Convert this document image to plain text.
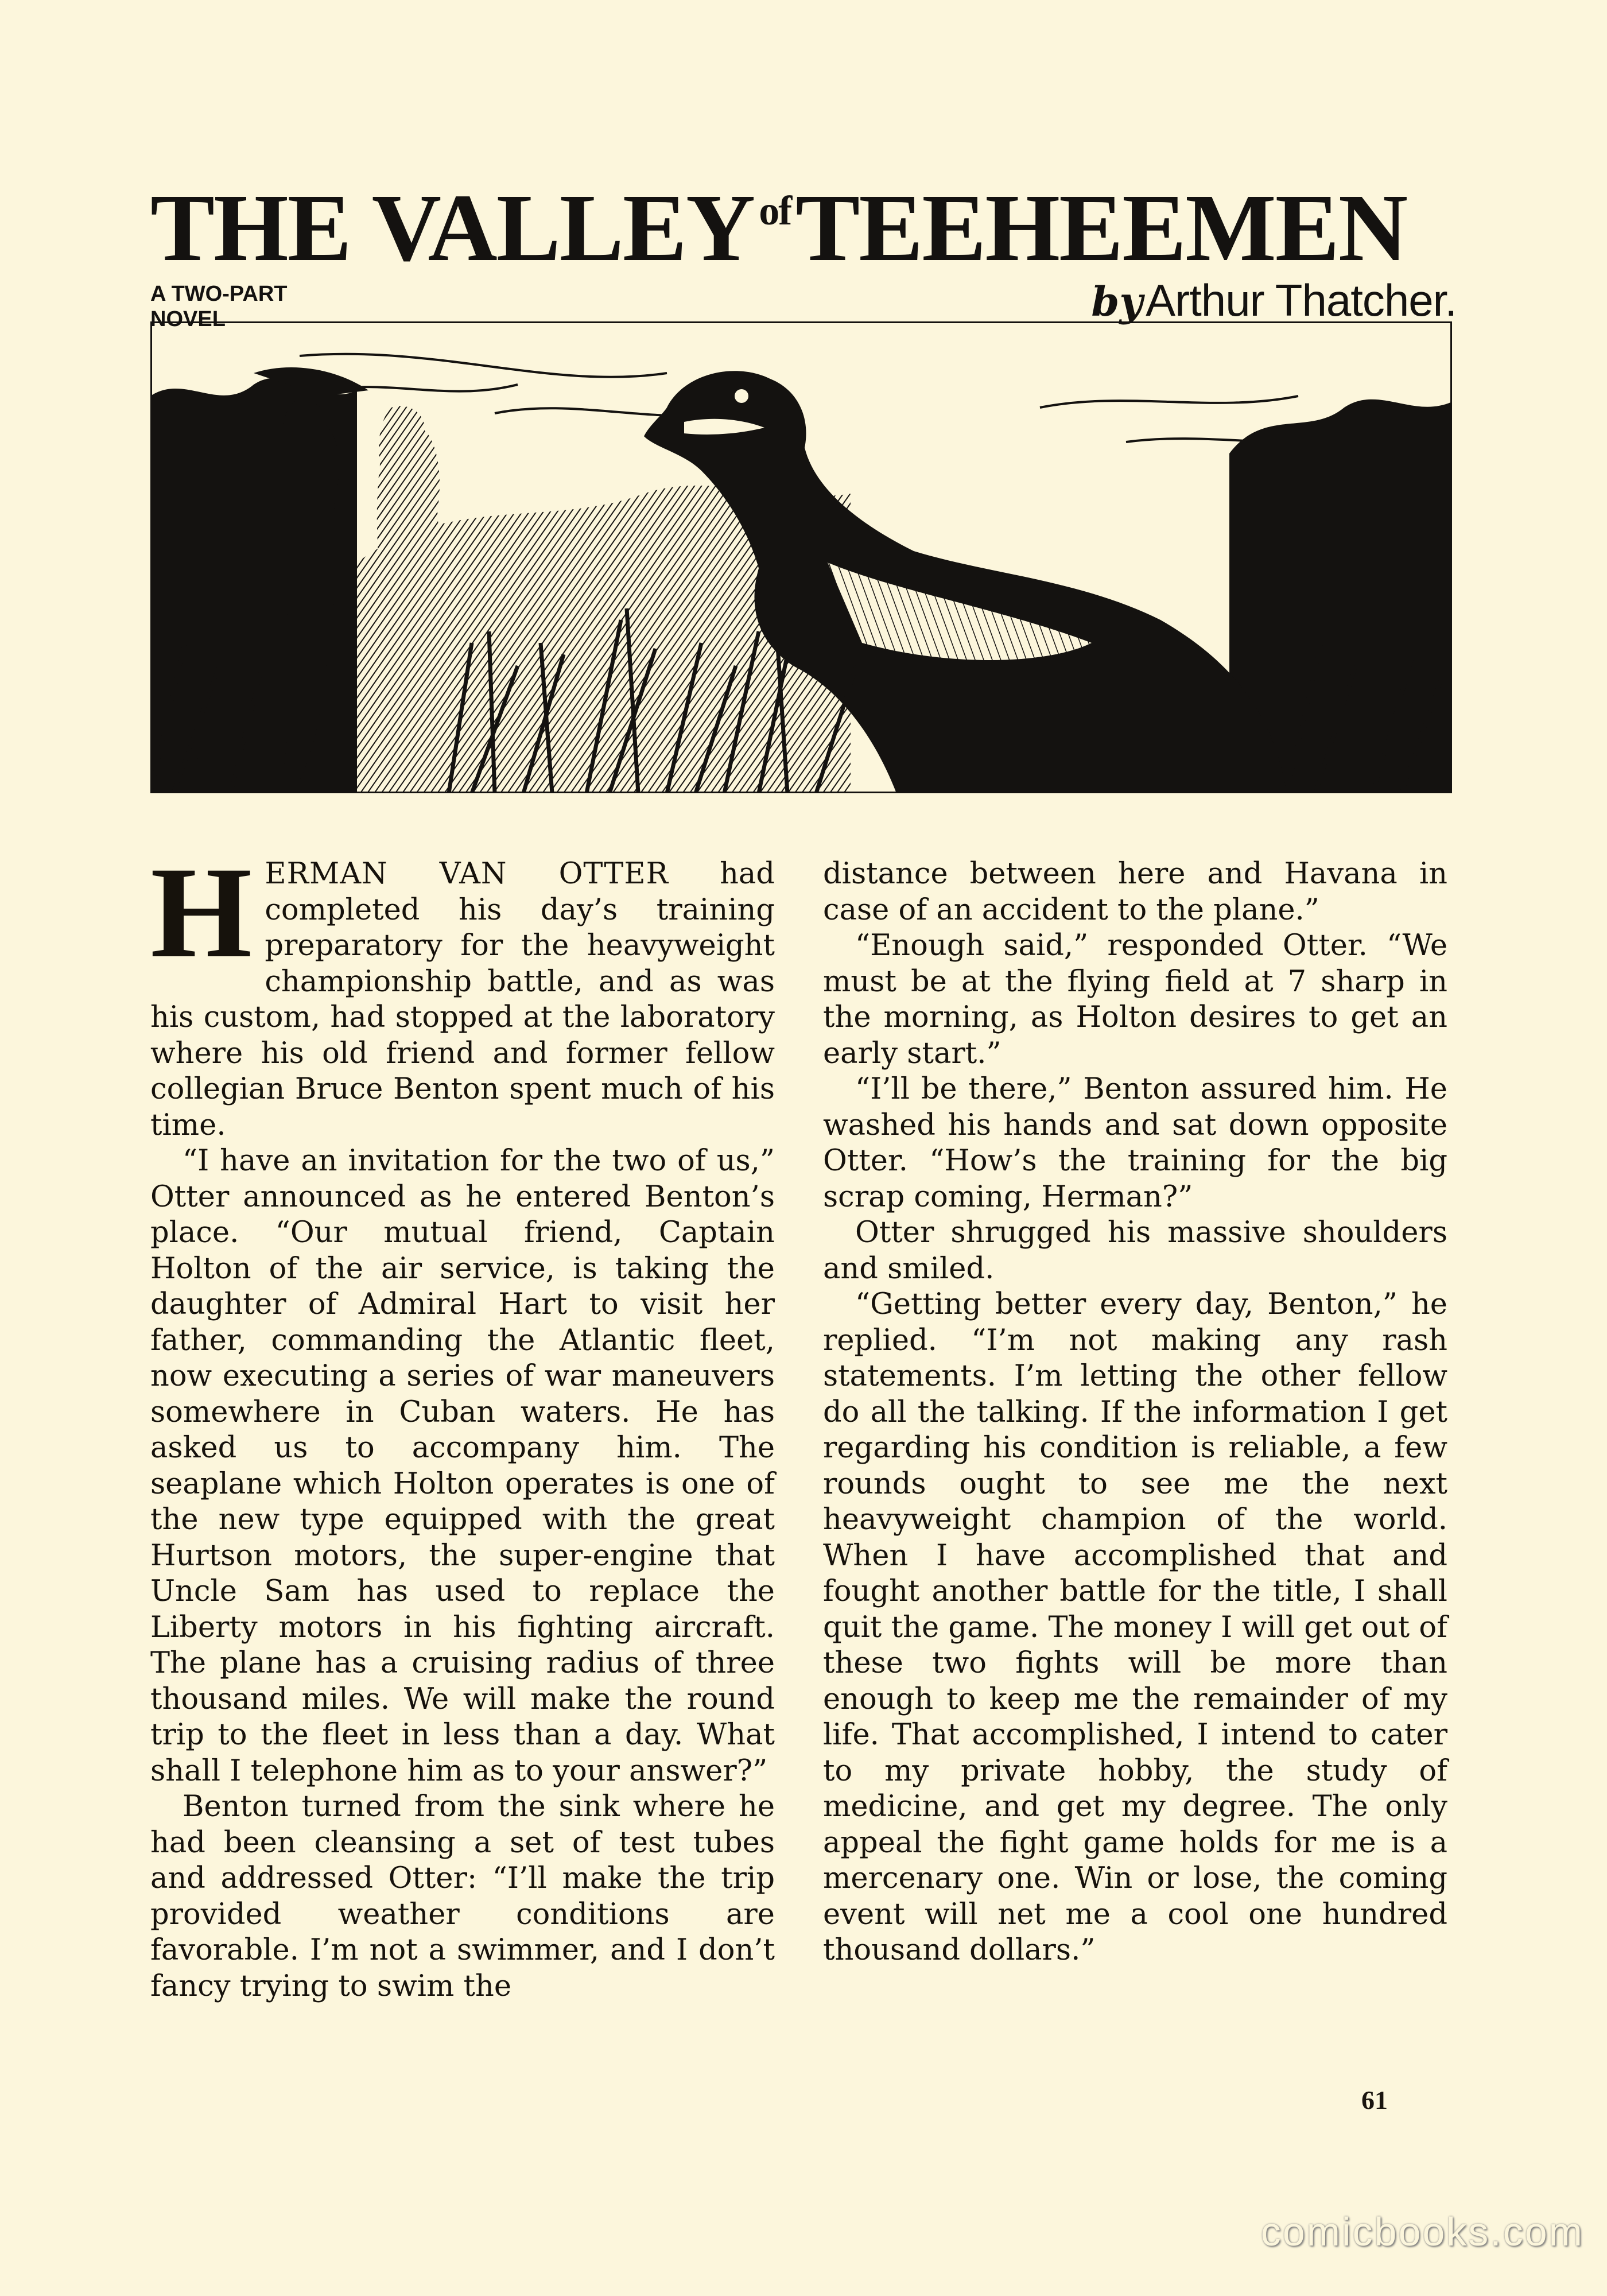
THE VALLEY $^{of}$TEEHEEMEN
A TWO-PART
NOVEL	by Arthur Thatcher.

HERMAN VAN OTTER had completed his day’s training preparatory for the heavyweight championship battle, and as was his custom, had stopped at the laboratory where his old friend and former fellow collegian Bruce Benton spent much of his time.

“I have an invitation for the two of us,” Otter announced as he entered Benton’s place. “Our mutual friend, Captain Holton of the air service, is taking the daughter of Admiral Hart to visit her father, commanding the Atlantic fleet, now executing a series of war maneuvers somewhere in Cuban waters. He has asked us to accompany him. The seaplane which Holton operates is one of the new type equipped with the great Hurtson motors, the super-engine that Uncle Sam has used to replace the Liberty motors in his fighting aircraft. The plane has a cruising radius of three thousand miles. We will make the round trip to the fleet in less than a day. What shall I telephone him as to your answer?”

Benton turned from the sink where he had been cleansing a set of test tubes and addressed Otter: “I’ll make the trip provided weather conditions are favorable. I’m not a swimmer, and I don’t fancy trying to swim the

distance between here and Havana in case of an accident to the plane.”

“Enough said,” responded Otter. “We must be at the flying field at 7 sharp in the morning, as Holton desires to get an early start.”

“I’ll be there,” Benton assured him. He washed his hands and sat down opposite Otter. “How’s the training for the big scrap coming, Herman?”

Otter shrugged his massive shoulders and smiled.

“Getting better every day, Benton,” he replied. “I’m not making any rash statements. I’m letting the other fellow do all the talking. If the information I get regarding his condition is reliable, a few rounds ought to see me the next heavyweight champion of the world. When I have accomplished that and fought another battle for the title, I shall quit the game. The money I will get out of these two fights will be more than enough to keep me the remainder of my life. That accomplished, I intend to cater to my private hobby, the study of medicine, and get my degree. The only appeal the fight game holds for me is a mercenary one. Win or lose, the coming event will net me a cool one hundred thousand dollars.”

61
comicbooks.com
